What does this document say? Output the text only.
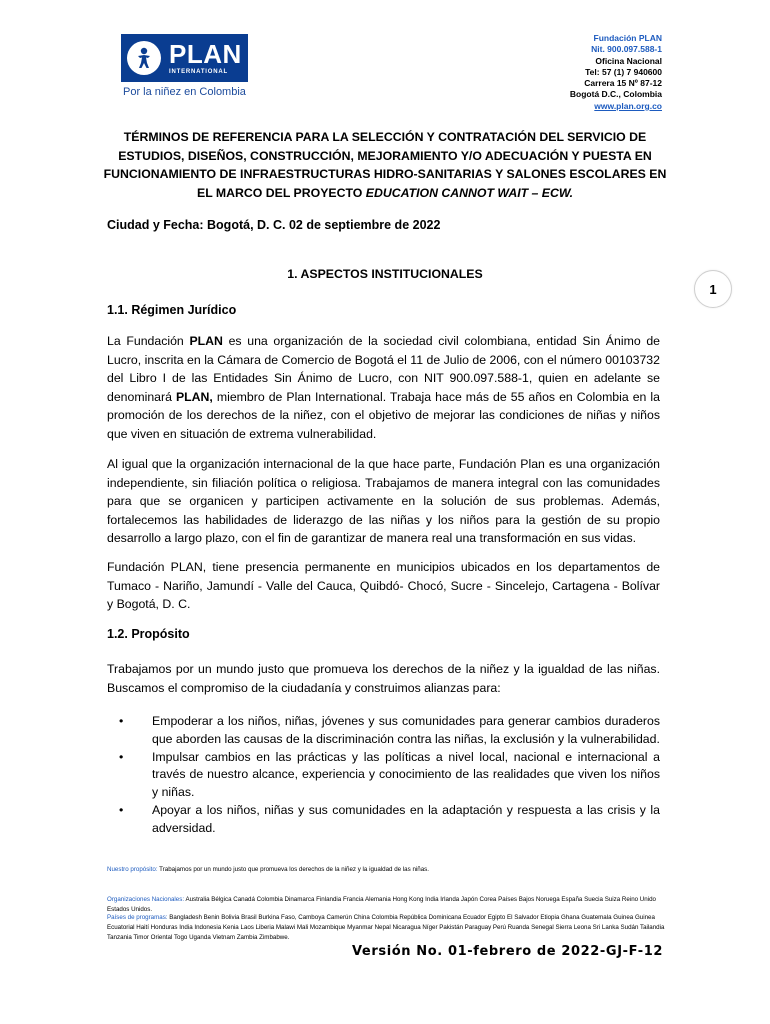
PLAN
INTERNATIONAL
Por la niñez en Colombia
Fundación PLAN
Nit. 900.097.588-1
Oficina Nacional
Tel: 57 (1) 7 940600
Carrera 15 Nº 87-12
Bogotá D.C., Colombia
www.plan.org.co
TÉRMINOS DE REFERENCIA PARA LA SELECCIÓN Y CONTRATACIÓN DEL SERVICIO DE ESTUDIOS, DISEÑOS, CONSTRUCCIÓN, MEJORAMIENTO Y/O ADECUACIÓN Y PUESTA EN FUNCIONAMIENTO DE INFRAESTRUCTURAS HIDRO-SANITARIAS Y SALONES ESCOLARES EN EL MARCO DEL PROYECTO EDUCATION CANNOT WAIT – ECW.
Ciudad y Fecha: Bogotá, D. C. 02 de septiembre de 2022
1. ASPECTOS INSTITUCIONALES
1
1.1. Régimen Jurídico
La Fundación PLAN es una organización de la sociedad civil colombiana, entidad Sin Ánimo de Lucro, inscrita en la Cámara de Comercio de Bogotá el 11 de Julio de 2006, con el número 00103732 del Libro I de las Entidades Sin Ánimo de Lucro, con NIT 900.097.588-1, quien en adelante se denominará PLAN, miembro de Plan International. Trabaja hace más de 55 años en Colombia en la promoción de los derechos de la niñez, con el objetivo de mejorar las condiciones de niñas y niños que viven en situación de extrema vulnerabilidad.
Al igual que la organización internacional de la que hace parte, Fundación Plan es una organización independiente, sin filiación política o religiosa. Trabajamos de manera integral con las comunidades para que se organicen y participen activamente en la solución de sus problemas. Además, fortalecemos las habilidades de liderazgo de las niñas y los niños para la gestión de su propio desarrollo a largo plazo, con el fin de garantizar de manera real una transformación en sus vidas.
Fundación PLAN, tiene presencia permanente en municipios ubicados en los departamentos de Tumaco - Nariño, Jamundí - Valle del Cauca, Quibdó- Chocó, Sucre - Sincelejo, Cartagena - Bolívar y Bogotá, D. C.
1.2. Propósito
Trabajamos por un mundo justo que promueva los derechos de la niñez y la igualdad de las niñas. Buscamos el compromiso de la ciudadanía y construimos alianzas para:
• Empoderar a los niños, niñas, jóvenes y sus comunidades para generar cambios duraderos que aborden las causas de la discriminación contra las niñas, la exclusión y la vulnerabilidad.
• Impulsar cambios en las prácticas y las políticas a nivel local, nacional e internacional a través de nuestro alcance, experiencia y conocimiento de las realidades que viven los niños y niñas.
• Apoyar a los niños, niñas y sus comunidades en la adaptación y respuesta a las crisis y la adversidad.
Nuestro propósito: Trabajamos por un mundo justo que promueva los derechos de la niñez y la igualdad de las niñas.
Organizaciones Nacionales: Australia Bélgica Canadá Colombia Dinamarca Finlandia Francia Alemania Hong Kong India Irlanda Japón Corea Países Bajos Noruega España Suecia Suiza Reino Unido Estados Unidos.
Países de programas: Bangladesh Benin Bolivia Brasil Burkina Faso, Camboya Camerún China Colombia República Dominicana Ecuador Egipto El Salvador Etiopia Ghana Guatemala Guinea Guinea Ecuatorial Haití Honduras India Indonesia Kenia Laos Liberia Malawi Mali Mozambique Myanmar Nepal Nicaragua Níger Pakistán Paraguay Perú Ruanda Senegal Sierra Leona Sri Lanka Sudán Tailandia Tanzania Timor Oriental Togo Uganda Vietnam Zambia Zimbabwe.
Versión No. 01-febrero de 2022-GJ-F-12
